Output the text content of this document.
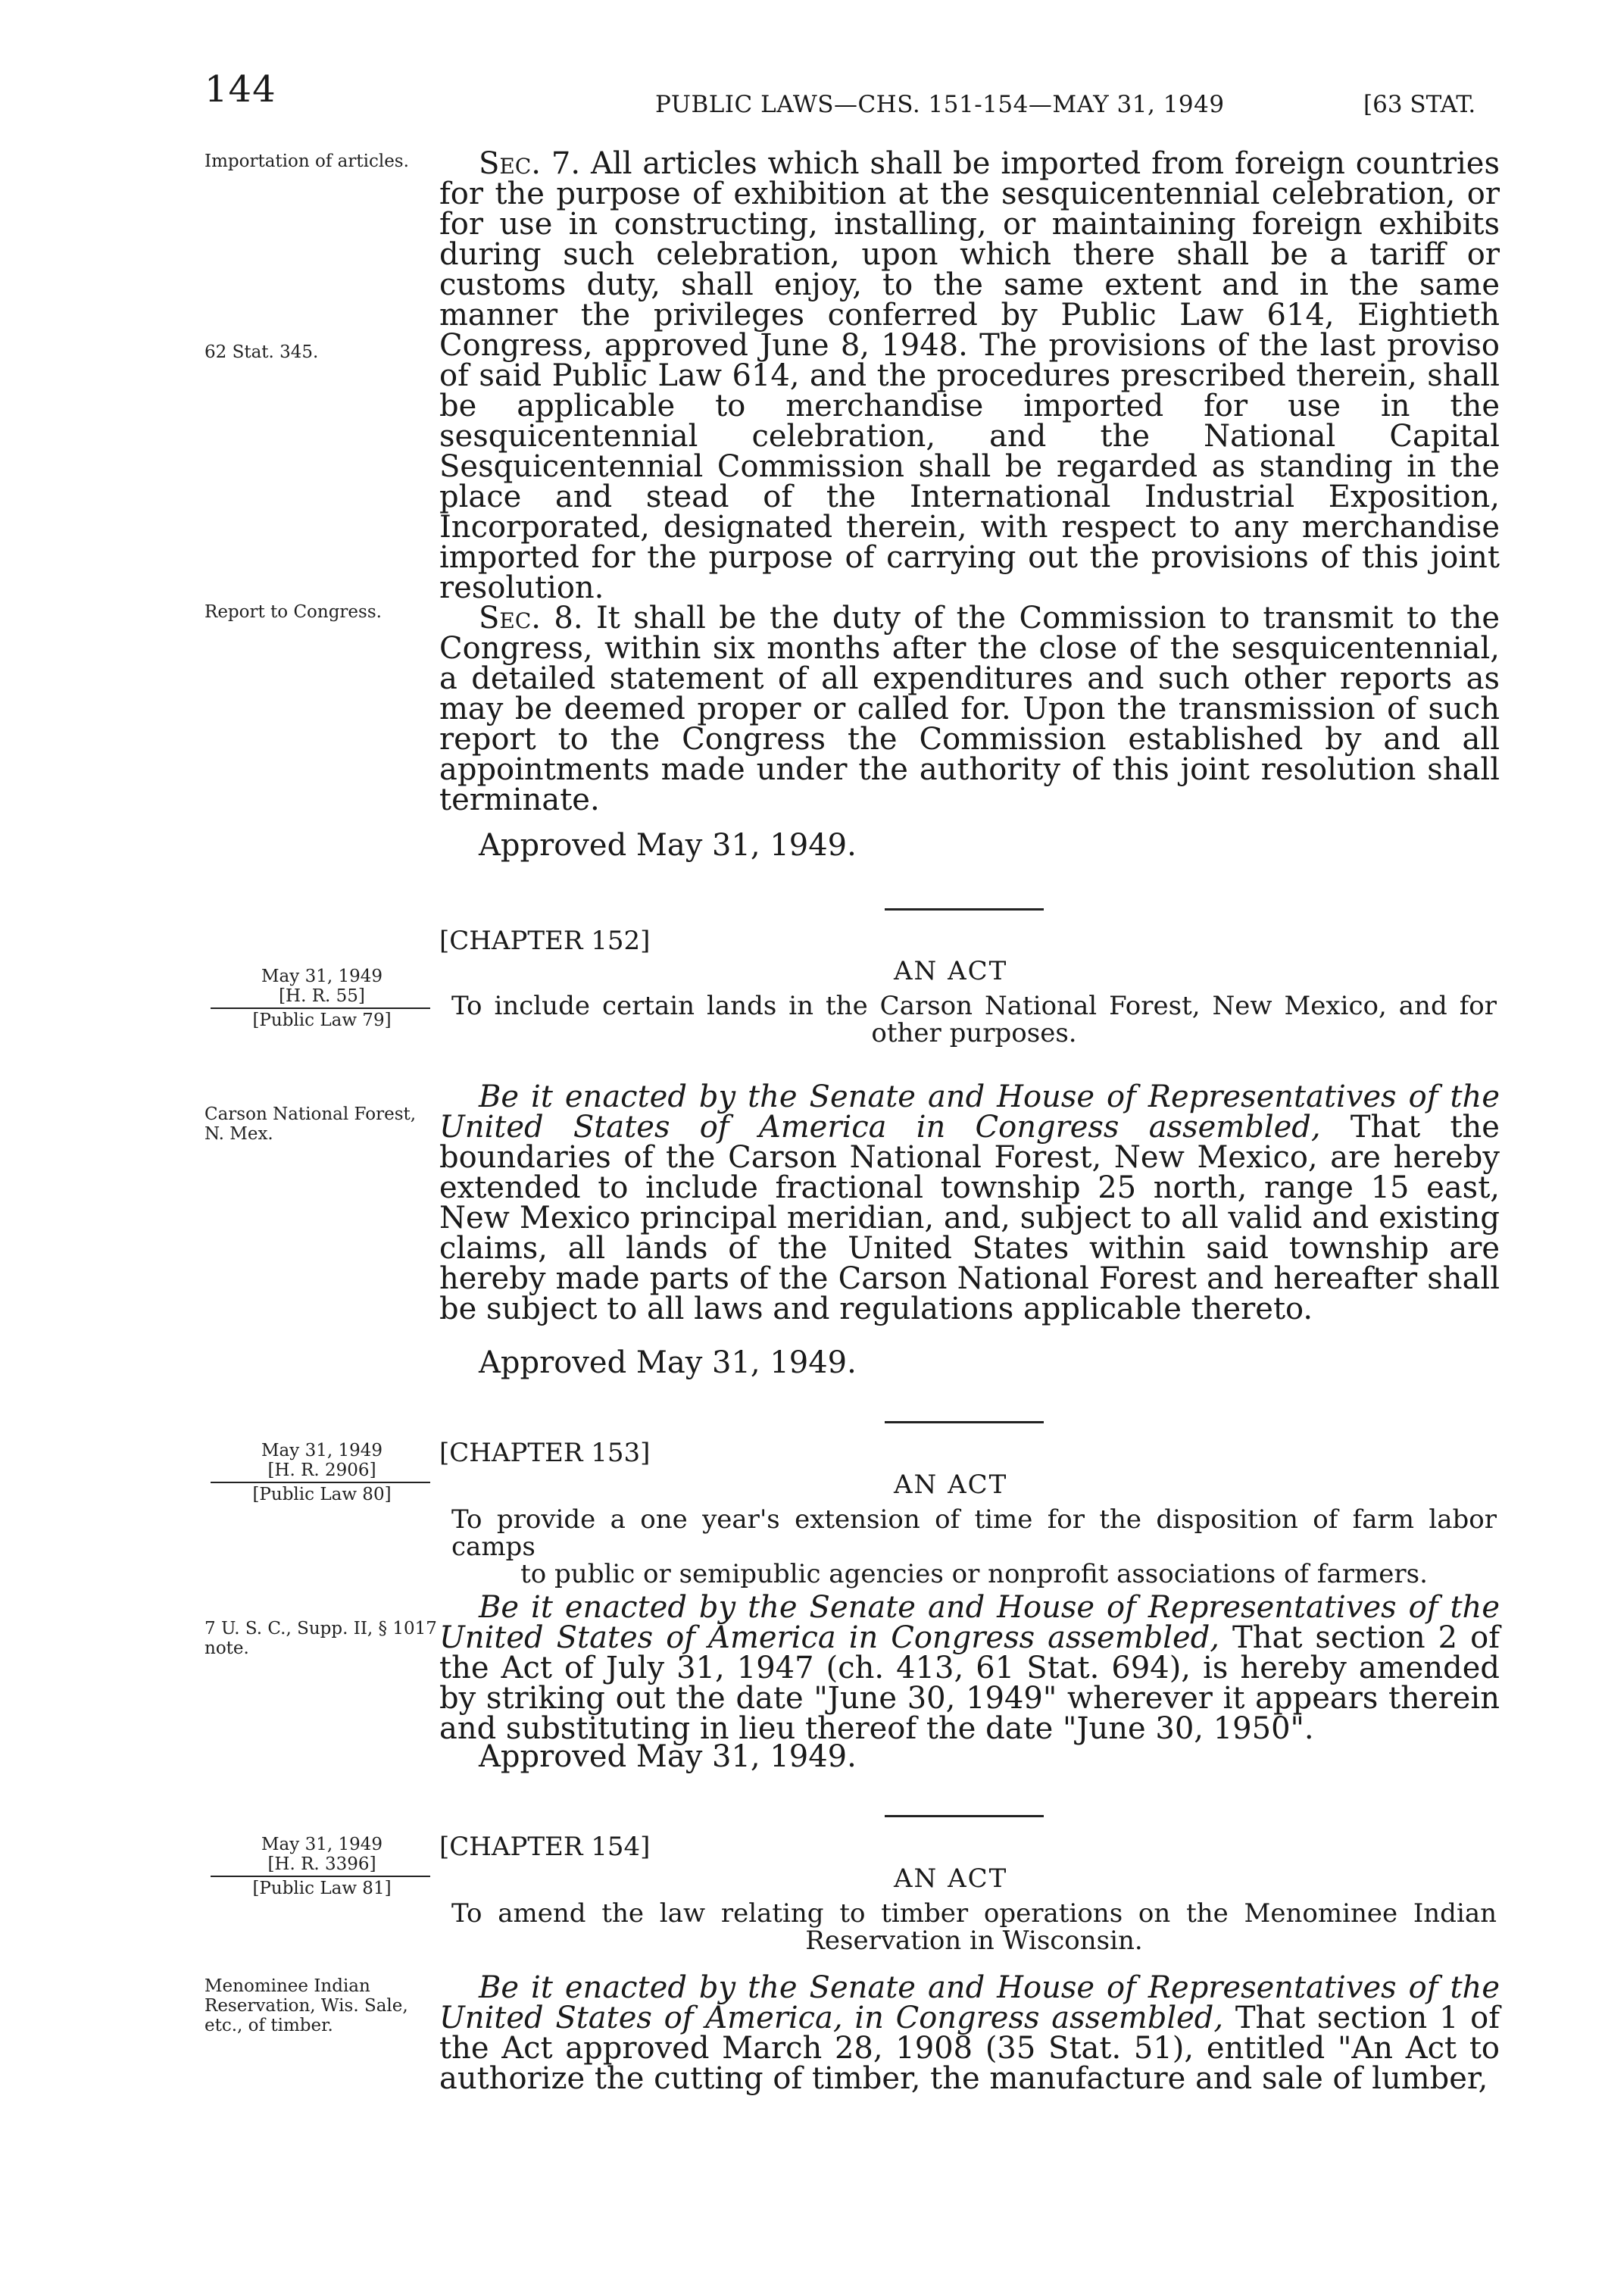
144	PUBLIC LAWS—CHS. 151-154—MAY 31, 1949	[63 STAT.
Importation of articles.
62 Stat. 345.
Report to Congress.
May 31, 1949
[H. R. 55]
[Public Law 79]
Carson National Forest, N. Mex.
May 31, 1949
[H. R. 2906]
[Public Law 80]
7 U. S. C., Supp. II, § 1017 note.
May 31, 1949
[H. R. 3396]
[Public Law 81]
Menominee Indian Reservation, Wis. Sale, etc., of timber.

Sec. 7. All articles which shall be imported from foreign countries for the purpose of exhibition at the sesquicentennial celebration, or for use in constructing, installing, or maintaining foreign exhibits during such celebration, upon which there shall be a tariff or customs duty, shall enjoy, to the same extent and in the same manner the privileges conferred by Public Law 614, Eightieth Congress, approved June 8, 1948. The provisions of the last proviso of said Public Law 614, and the procedures prescribed therein, shall be applicable to merchandise imported for use in the sesquicentennial celebration, and the National Capital Sesquicentennial Commission shall be regarded as standing in the place and stead of the International Industrial Exposition, Incorporated, designated therein, with respect to any merchandise imported for the purpose of carrying out the provisions of this joint resolution.

Sec. 8. It shall be the duty of the Commission to transmit to the Congress, within six months after the close of the sesquicentennial, a detailed statement of all expenditures and such other reports as may be deemed proper or called for. Upon the transmission of such report to the Congress the Commission established by and all appointments made under the authority of this joint resolution shall terminate.

Approved May 31, 1949.
[CHAPTER 152]
AN ACT
To include certain lands in the Carson National Forest, New Mexico, and for
other purposes.

Be it enacted by the Senate and House of Representatives of the United States of America in Congress assembled, That the boundaries of the Carson National Forest, New Mexico, are hereby extended to include fractional township 25 north, range 15 east, New Mexico principal meridian, and, subject to all valid and existing claims, all lands of the United States within said township are hereby made parts of the Carson National Forest and hereafter shall be subject to all laws and regulations applicable thereto.

Approved May 31, 1949.
[CHAPTER 153]
AN ACT
To provide a one year's extension of time for the disposition of farm labor camps
to public or semipublic agencies or nonprofit associations of farmers.

Be it enacted by the Senate and House of Representatives of the United States of America in Congress assembled, That section 2 of the Act of July 31, 1947 (ch. 413, 61 Stat. 694), is hereby amended by striking out the date "June 30, 1949" wherever it appears therein and substituting in lieu thereof the date "June 30, 1950".

Approved May 31, 1949.
[CHAPTER 154]
AN ACT
To amend the law relating to timber operations on the Menominee Indian
Reservation in Wisconsin.

Be it enacted by the Senate and House of Representatives of the United States of America, in Congress assembled, That section 1 of the Act approved March 28, 1908 (35 Stat. 51), entitled "An Act to authorize the cutting of timber, the manufacture and sale of lumber,
